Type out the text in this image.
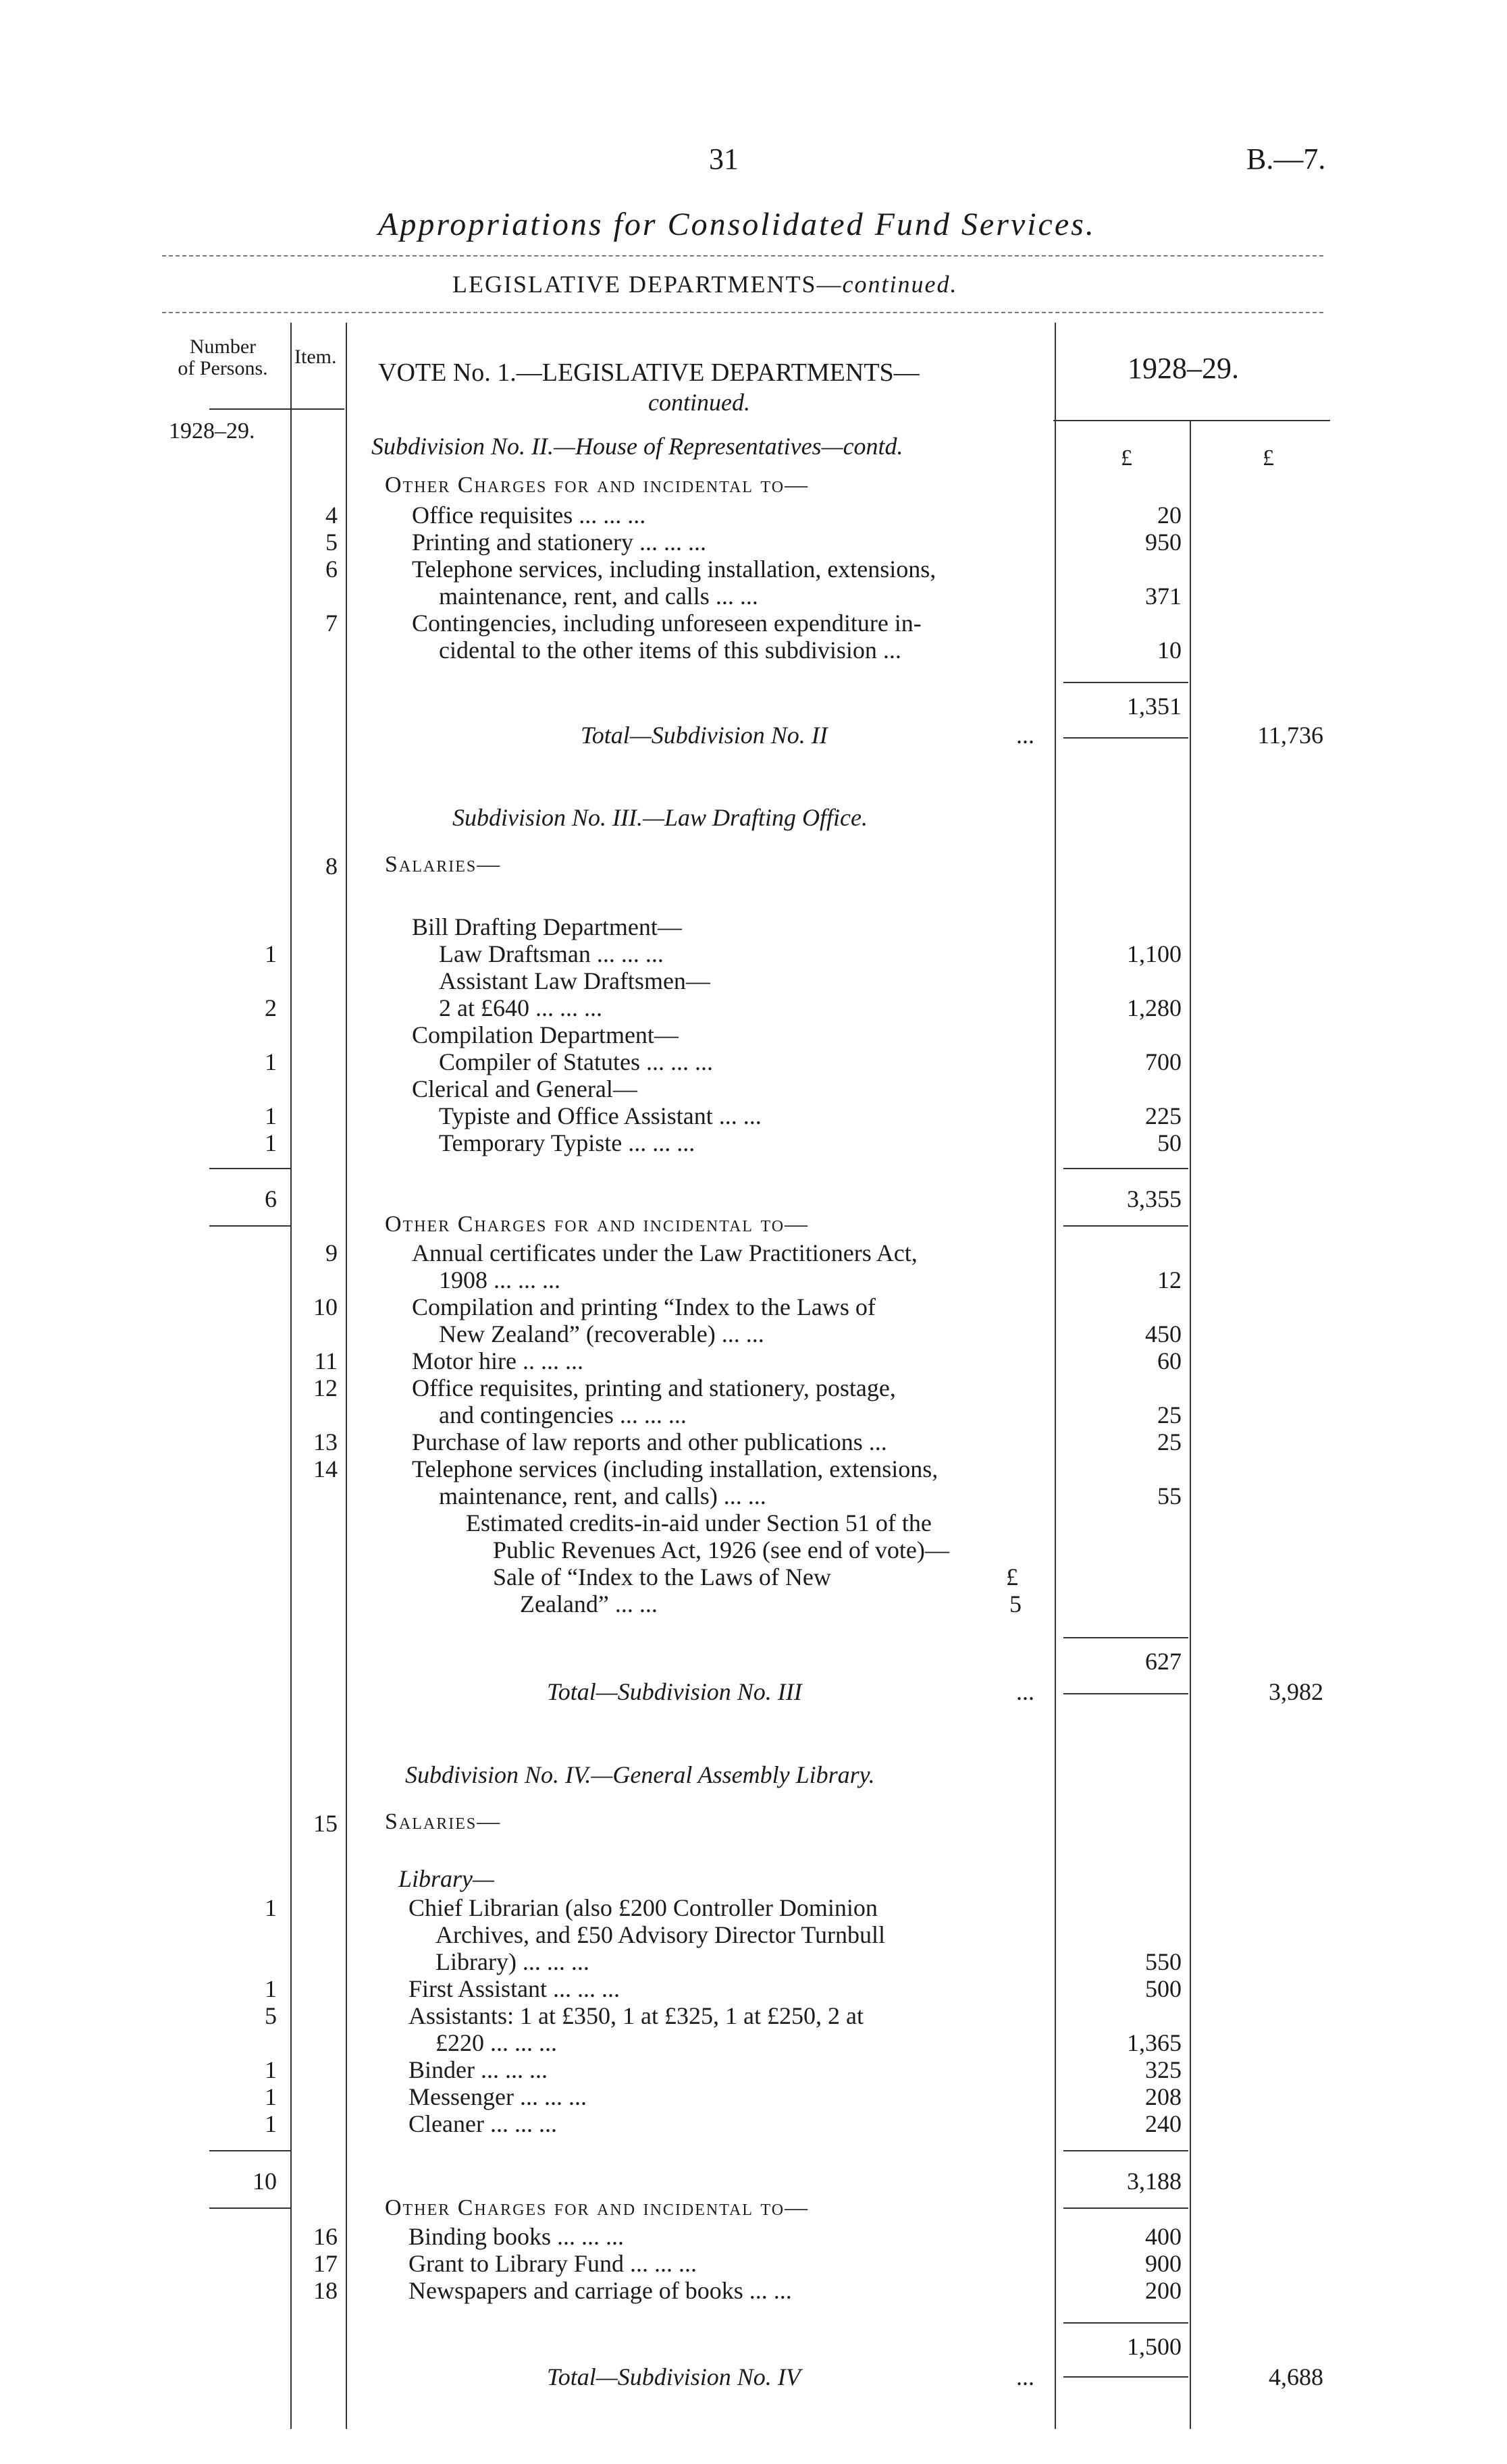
31	B.—7.
Appropriations for Consolidated Fund Services.
LEGISLATIVE DEPARTMENTS—continued.
Number
of Persons.
Item.
VOTE No. 1.—LEGISLATIVE DEPARTMENTS—
continued.
1928–29.
1928–29.
£	£
Subdivision No. II.—House of Representatives—contd.
Other Charges for and incidental to—
4	Office requisites ... ... ...	20
5	Printing and stationery ... ... ...	950
6	Telephone services, including installation, extensions,
maintenance, rent, and calls ... ...	371
7	Contingencies, including unforeseen expenditure in-
cidental to the other items of this subdivision ...	10
1,351
Total—Subdivision No. II	...	11,736
Subdivision No. III.—Law Drafting Office.
8 Salaries—
Bill Drafting Department—
1	Law Draftsman ... ... ...	1,100
Assistant Law Draftsmen—
2	2 at £640 ... ... ...	1,280
Compilation Department—
1	Compiler of Statutes ... ... ...	700
Clerical and General—
1	Typiste and Office Assistant ... ...	225
1	Temporary Typiste ... ... ...	50
6	3,355
Other Charges for and incidental to—
9	Annual certificates under the Law Practitioners Act,
1908 ... ... ...	12
10	Compilation and printing “Index to the Laws of
New Zealand” (recoverable) ... ...	450
11	Motor hire .. ... ...	60
12	Office requisites, printing and stationery, postage,
and contingencies ... ... ...	25
13	Purchase of law reports and other publications ...	25
14	Telephone services (including installation, extensions,
maintenance, rent, and calls) ... ...	55
Estimated credits-in-aid under Section 51 of the
Public Revenues Act, 1926 (see end of vote)—
Sale of “Index to the Laws of New	£
Zealand” ... ...	5
627
Total—Subdivision No. III	...	3,982
Subdivision No. IV.—General Assembly Library.
15 Salaries—
Library—
1	Chief Librarian (also £200 Controller Dominion
Archives, and £50 Advisory Director Turnbull
Library) ... ... ...	550
1	First Assistant ... ... ...	500
5	Assistants: 1 at £350, 1 at £325, 1 at £250, 2 at
£220 ... ... ...	1,365
1	Binder ... ... ...	325
1	Messenger ... ... ...	208
1	Cleaner ... ... ...	240
10	3,188
Other Charges for and incidental to—
16	Binding books ... ... ...	400
17	Grant to Library Fund ... ... ...	900
18	Newspapers and carriage of books ... ...	200
1,500
Total—Subdivision No. IV	...	4,688
